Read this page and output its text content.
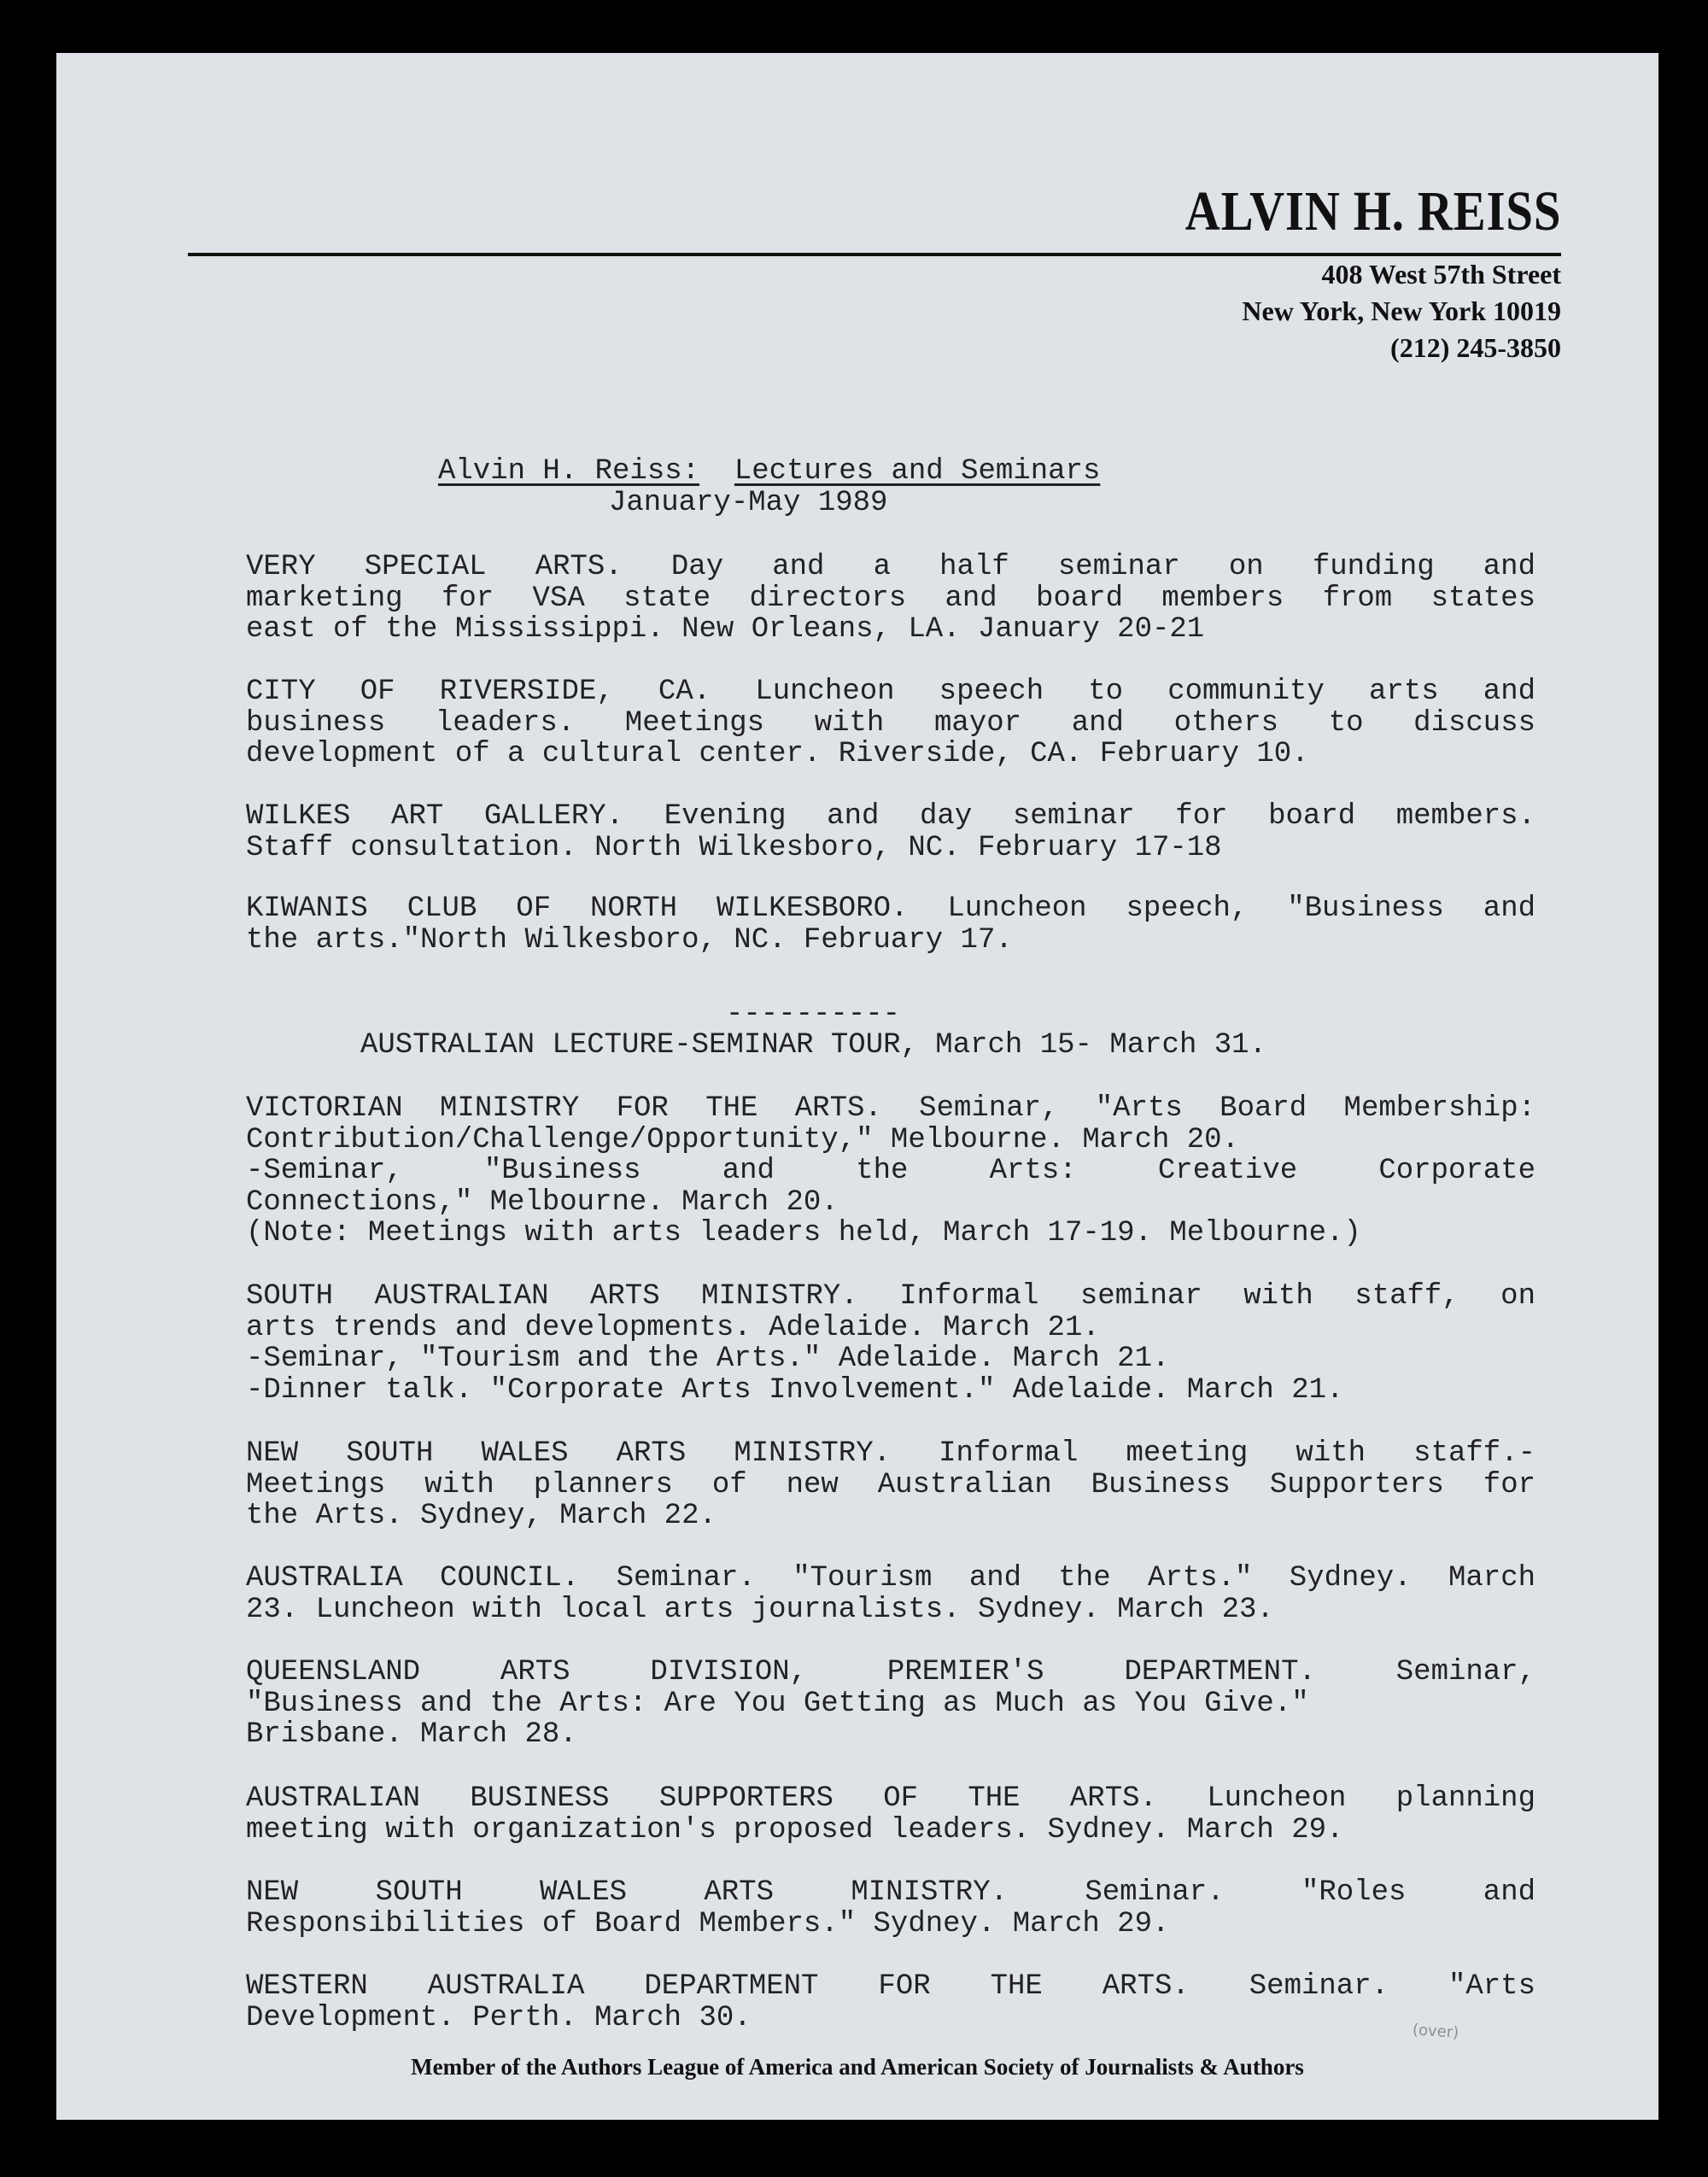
ALVIN H. REISS
408 West 57th Street
New York, New York 10019
(212) 245-3850
Alvin H. Reiss: Lectures and Seminars
January-May 1989
VERY SPECIAL ARTS. Day and a half seminar on funding and
marketing for VSA state directors and board members from states
east of the Mississippi. New Orleans, LA. January 20-21
CITY OF RIVERSIDE, CA. Luncheon speech to community arts and
business leaders. Meetings with mayor and others to discuss
development of a cultural center. Riverside, CA. February 10.
WILKES ART GALLERY. Evening and day seminar for board members.
Staff consultation. North Wilkesboro, NC. February 17-18
KIWANIS CLUB OF NORTH WILKESBORO. Luncheon speech, "Business and
the arts."North Wilkesboro, NC. February 17.
----------
AUSTRALIAN LECTURE-SEMINAR TOUR, March 15- March 31.
VICTORIAN MINISTRY FOR THE ARTS. Seminar, "Arts Board Membership:
Contribution/Challenge/Opportunity," Melbourne. March 20.
-Seminar, "Business and the Arts: Creative Corporate
Connections," Melbourne. March 20.
(Note: Meetings with arts leaders held, March 17-19. Melbourne.)
SOUTH AUSTRALIAN ARTS MINISTRY. Informal seminar with staff, on
arts trends and developments. Adelaide. March 21.
-Seminar, "Tourism and the Arts." Adelaide. March 21.
-Dinner talk. "Corporate Arts Involvement." Adelaide. March 21.
NEW SOUTH WALES ARTS MINISTRY. Informal meeting with staff.-
Meetings with planners of new Australian Business Supporters for
the Arts. Sydney, March 22.
AUSTRALIA COUNCIL. Seminar. "Tourism and the Arts." Sydney. March
23. Luncheon with local arts journalists. Sydney. March 23.
QUEENSLAND ARTS DIVISION, PREMIER'S DEPARTMENT. Seminar,
"Business and the Arts: Are You Getting as Much as You Give."
Brisbane. March 28.
AUSTRALIAN BUSINESS SUPPORTERS OF THE ARTS. Luncheon planning
meeting with organization's proposed leaders. Sydney. March 29.
NEW SOUTH WALES ARTS MINISTRY. Seminar. "Roles and
Responsibilities of Board Members." Sydney. March 29.
WESTERN AUSTRALIA DEPARTMENT FOR THE ARTS. Seminar. "Arts
Development. Perth. March 30.	(over)
Member of the Authors League of America and American Society of Journalists & Authors
